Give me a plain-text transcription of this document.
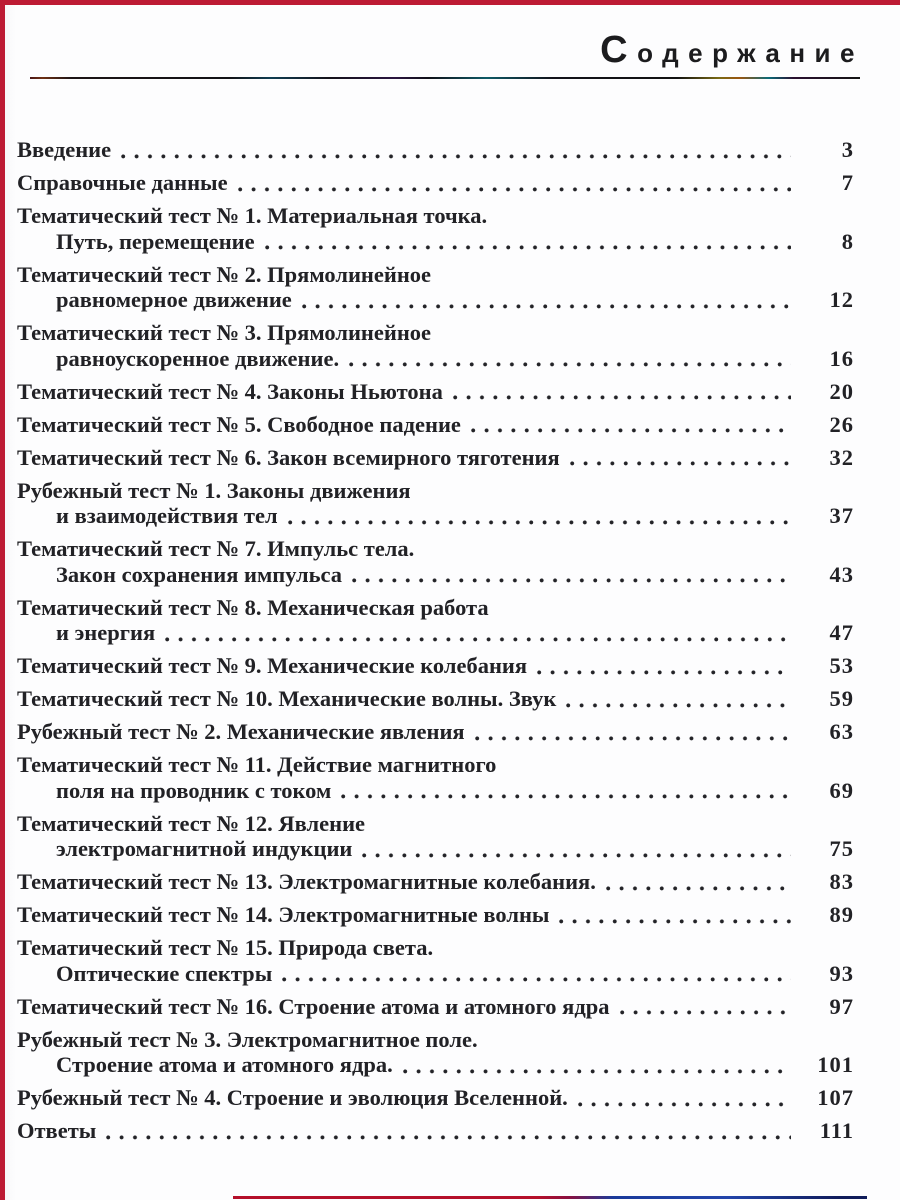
Содержание
Введение	3
Справочные данные	7
Тематический тест № 1. Материальная точка.
Путь, перемещение	8
Тематический тест № 2. Прямолинейное
равномерное движение	12
Тематический тест № 3. Прямолинейное
равноускоренное движение.	16
Тематический тест № 4. Законы Ньютона	20
Тематический тест № 5. Свободное падение	26
Тематический тест № 6. Закон всемирного тяготения	32
Рубежный тест № 1. Законы движения
и взаимодействия тел	37
Тематический тест № 7. Импульс тела.
Закон сохранения импульса	43
Тематический тест № 8. Механическая работа
и энергия	47
Тематический тест № 9. Механические колебания	53
Тематический тест № 10. Механические волны. Звук	59
Рубежный тест № 2. Механические явления	63
Тематический тест № 11. Действие магнитного
поля на проводник с током	69
Тематический тест № 12. Явление
электромагнитной индукции	75
Тематический тест № 13. Электромагнитные колебания.	83
Тематический тест № 14. Электромагнитные волны	89
Тематический тест № 15. Природа света.
Оптические спектры	93
Тематический тест № 16. Строение атома и атомного ядра	97
Рубежный тест № 3. Электромагнитное поле.
Строение атома и атомного ядра.	101
Рубежный тест № 4. Строение и эволюция Вселенной.	107
Ответы	111
